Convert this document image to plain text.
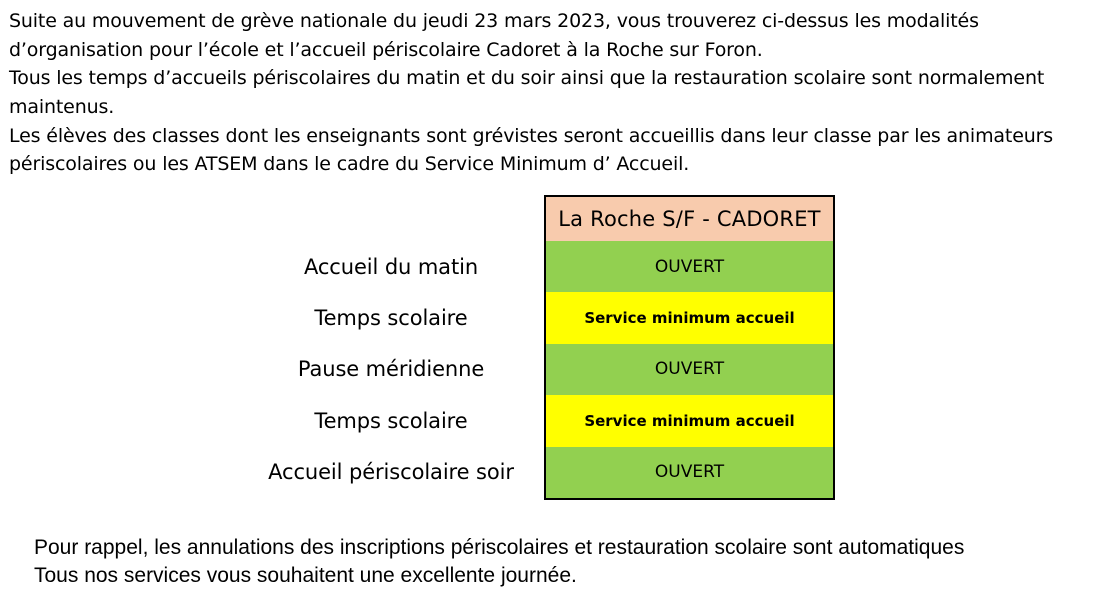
Suite au mouvement de grève nationale du jeudi 23 mars 2023, vous trouverez ci-dessus les modalités
d’organisation pour l’école et l’accueil périscolaire Cadoret à la Roche sur Foron.
Tous les temps d’accueils périscolaires du matin et du soir ainsi que la restauration scolaire sont normalement
maintenus.
Les élèves des classes dont les enseignants sont grévistes seront accueillis dans leur classe par les animateurs
périscolaires ou les ATSEM dans le cadre du Service Minimum d’ Accueil.
Accueil du matin
Temps scolaire
Pause méridienne
Temps scolaire
Accueil périscolaire soir
La Roche S/F - CADORET
OUVERT
Service minimum accueil
OUVERT
Service minimum accueil
OUVERT
Pour rappel, les annulations des inscriptions périscolaires et restauration scolaire sont automatiques
Tous nos services vous souhaitent une excellente journée.
